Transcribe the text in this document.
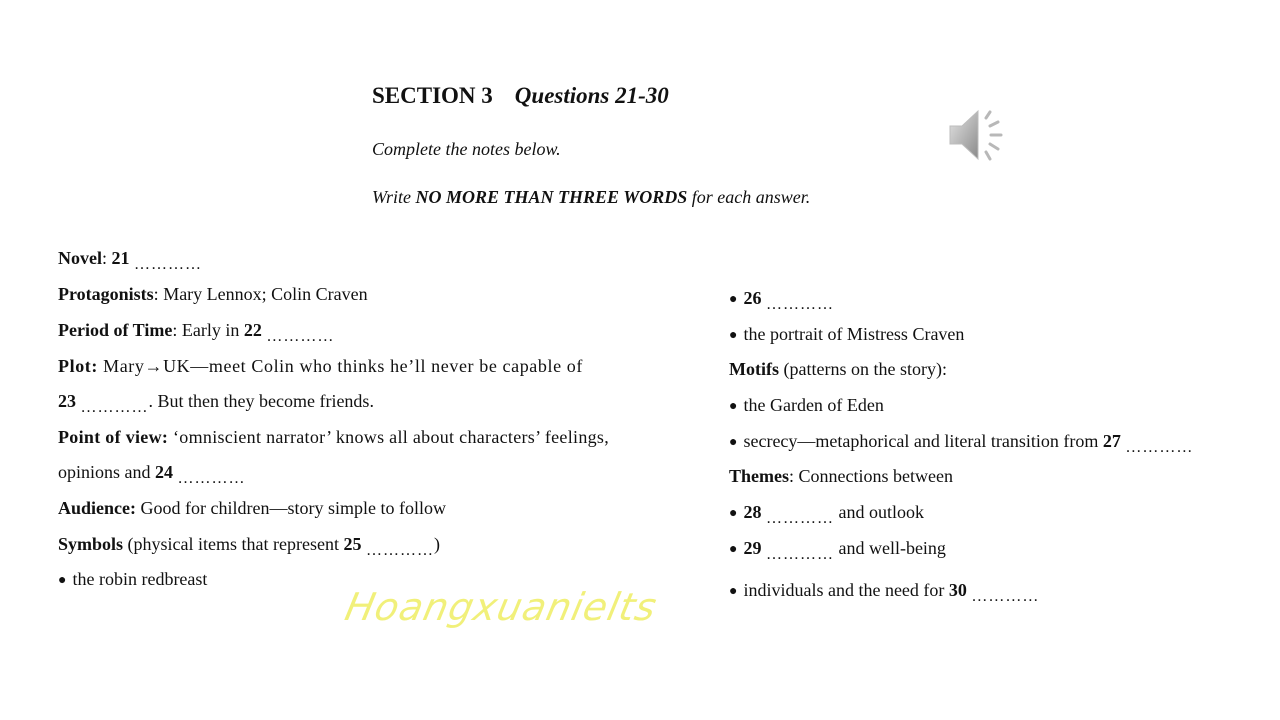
SECTION 3 Questions 21-30
Complete the notes below.
Write NO MORE THAN THREE WORDS for each answer.
Novel: 21 …………
Protagonists: Mary Lennox; Colin Craven
Period of Time: Early in 22 …………
Plot: Mary→UK—meet Colin who thinks he’ll never be capable of
23 …………. But then they become friends.
Point of view: ‘omniscient narrator’ knows all about characters’ feelings,
opinions and 24 …………
Audience: Good for children—story simple to follow
Symbols (physical items that represent 25 …………)
● the robin redbreast
● 26 …………
● the portrait of Mistress Craven
Motifs (patterns on the story):
● the Garden of Eden
● secrecy—metaphorical and literal transition from 27 …………
Themes: Connections between
● 28 ………… and outlook
● 29 ………… and well-being
● individuals and the need for 30 …………
Hoangxuanielts
